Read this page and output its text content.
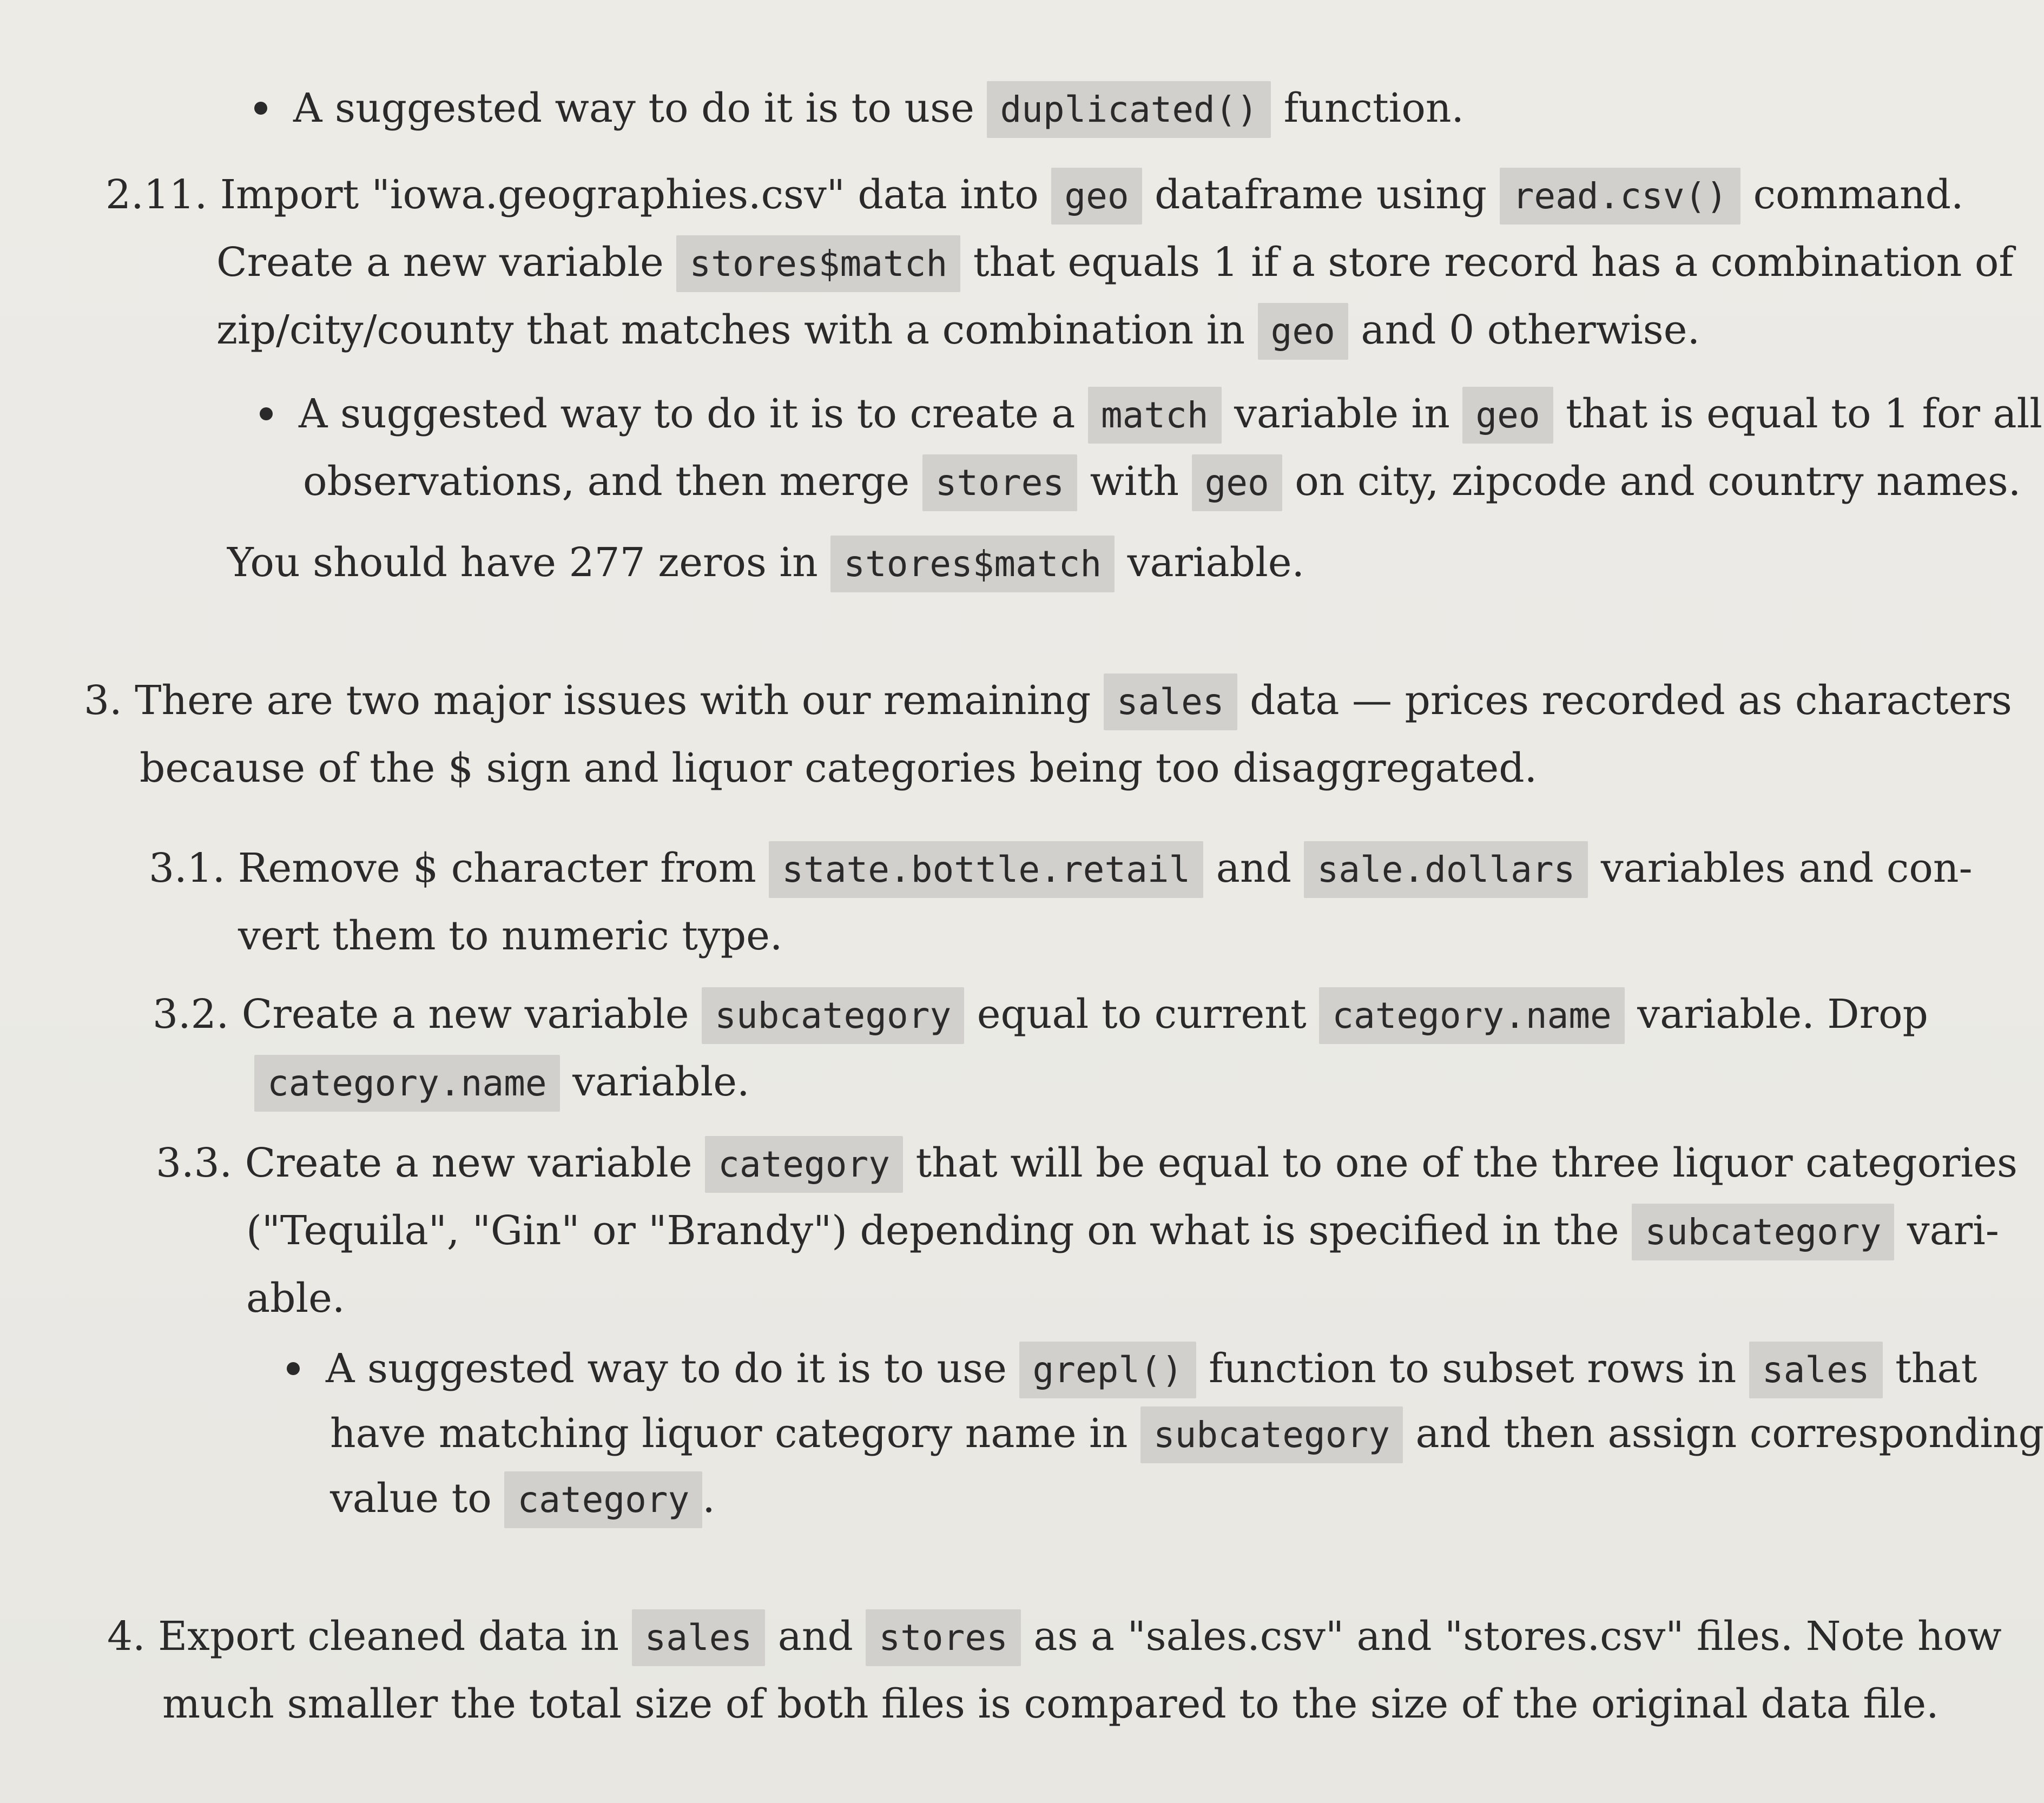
A suggested way to do it is to use duplicated() function.
2.11. Import "iowa.geographies.csv" data into geo dataframe using read.csv() command.
Create a new variable stores$match that equals 1 if a store record has a combination of
zip/city/county that matches with a combination in geo and 0 otherwise.
A suggested way to do it is to create a match variable in geo that is equal to 1 for all
observations, and then merge stores with geo on city, zipcode and country names.
You should have 277 zeros in stores$match variable.
3. There are two major issues with our remaining sales data — prices recorded as characters
because of the $ sign and liquor categories being too disaggregated.
3.1. Remove $ character from state.bottle.retail and sale.dollars variables and con-
vert them to numeric type.
3.2. Create a new variable subcategory equal to current category.name variable. Drop
category.name variable.
3.3. Create a new variable category that will be equal to one of the three liquor categories
("Tequila", "Gin" or "Brandy") depending on what is specified in the subcategory vari-
able.
A suggested way to do it is to use grepl() function to subset rows in sales that
have matching liquor category name in subcategory and then assign corresponding
value to category .
4. Export cleaned data in sales and stores as a "sales.csv" and "stores.csv" files. Note how
much smaller the total size of both files is compared to the size of the original data file.
